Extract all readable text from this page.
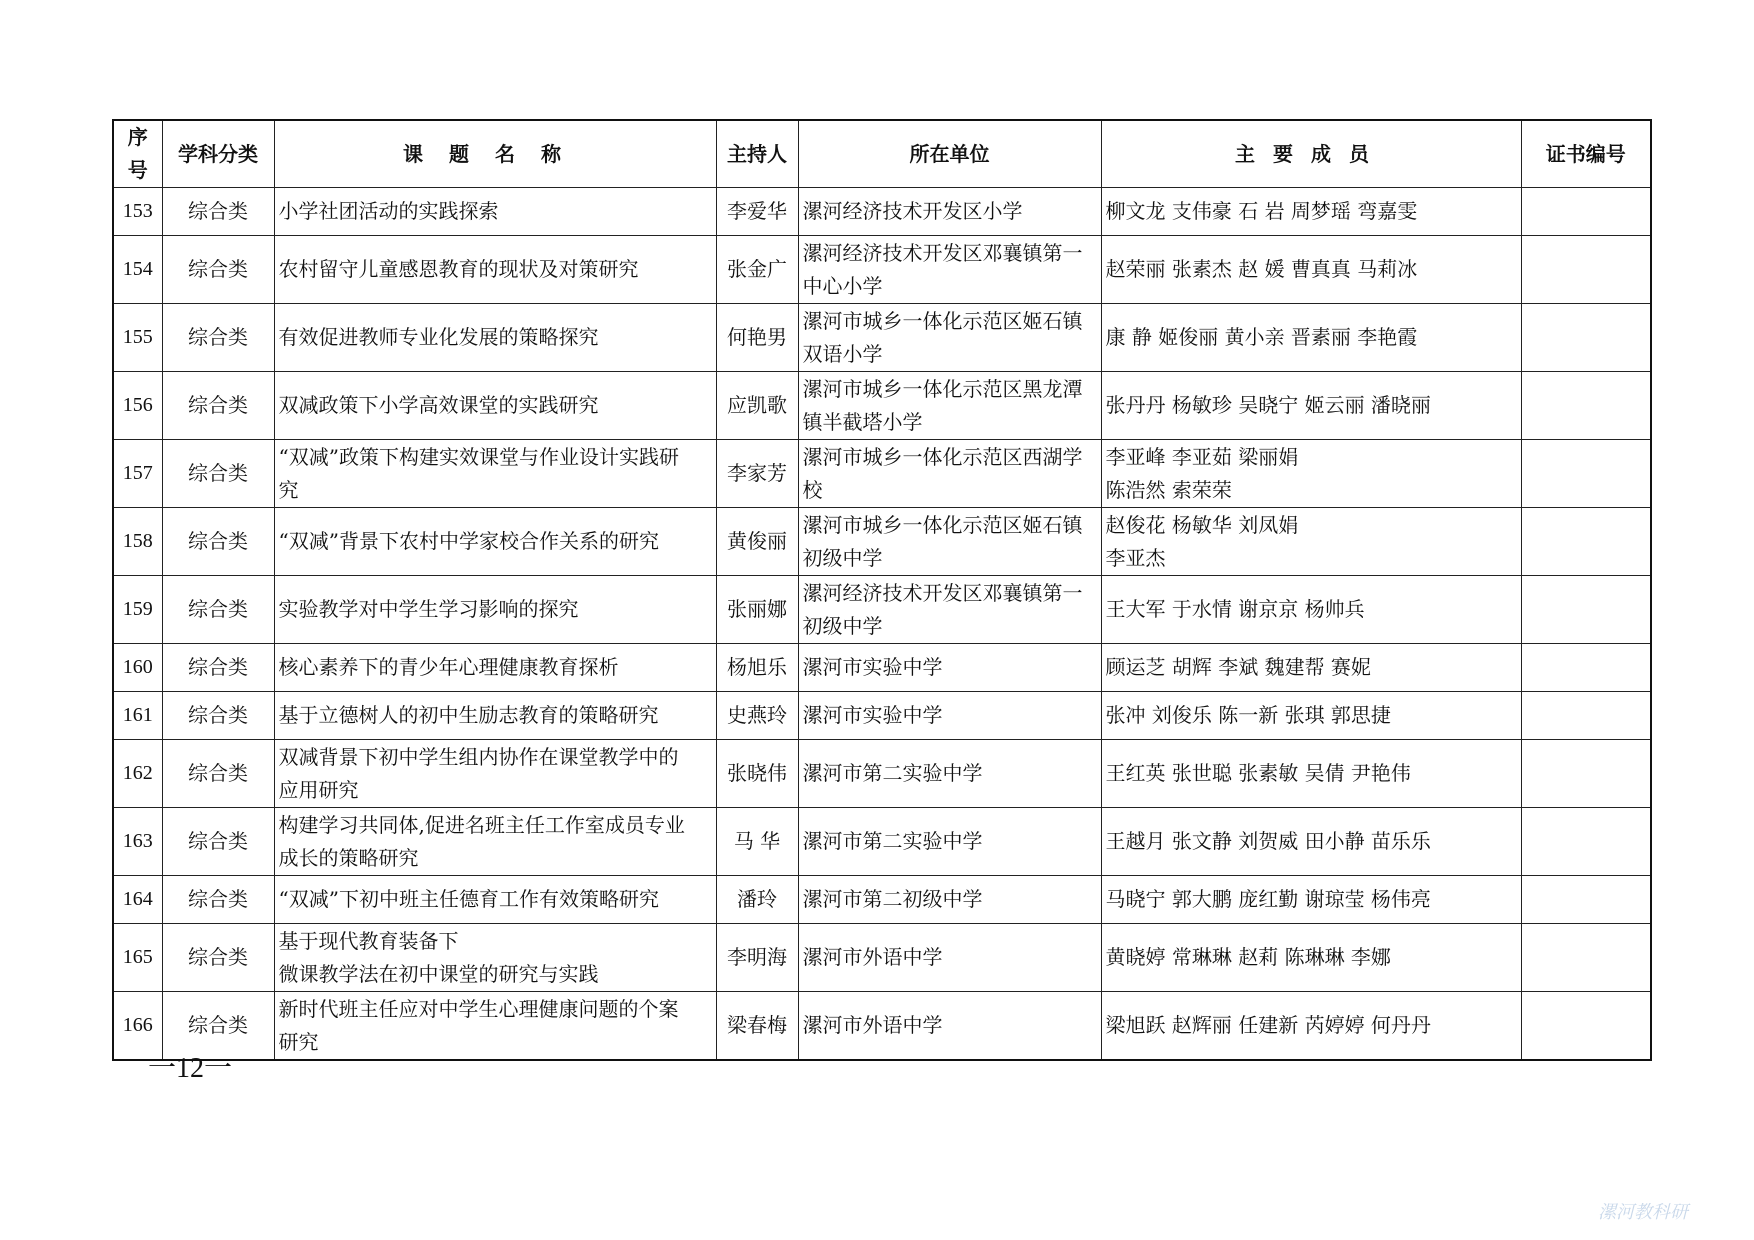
序号	学科分类	课题名称	主持人	所在单位	主要成员	证书编号
153	综合类	小学社团活动的实践探索	李爱华	漯河经济技术开发区小学	柳文龙 支伟豪 石 岩 周梦瑶 弯嘉雯	

154	综合类	农村留守儿童感恩教育的现状及对策研究	张金广	漯河经济技术开发区邓襄镇第一
中心小学	赵荣丽 张素杰 赵 媛 曹真真 马莉冰	

155	综合类	有效促进教师专业化发展的策略探究	何艳男	漯河市城乡一体化示范区姬石镇
双语小学	康 静 姬俊丽 黄小亲 晋素丽 李艳霞	

156	综合类	双减政策下小学高效课堂的实践研究	应凯歌	漯河市城乡一体化示范区黑龙潭
镇半截塔小学	张丹丹 杨敏珍 吴晓宁 姬云丽 潘晓丽	

157	综合类	“双减”政策下构建实效课堂与作业设计实践研
究	李家芳	漯河市城乡一体化示范区西湖学
校	李亚峰 李亚茹 梁丽娟
陈浩然 索荣荣	

158	综合类	“双减”背景下农村中学家校合作关系的研究	黄俊丽	漯河市城乡一体化示范区姬石镇
初级中学	赵俊花 杨敏华 刘凤娟
李亚杰	

159	综合类	实验教学对中学生学习影响的探究	张丽娜	漯河经济技术开发区邓襄镇第一
初级中学	王大军 于水情 谢京京 杨帅兵	

160	综合类	核心素养下的青少年心理健康教育探析	杨旭乐	漯河市实验中学	顾运芝 胡辉 李斌 魏建帮 赛妮	

161	综合类	基于立德树人的初中生励志教育的策略研究	史燕玲	漯河市实验中学	张冲 刘俊乐 陈一新 张琪 郭思捷	

162	综合类	双减背景下初中学生组内协作在课堂教学中的
应用研究	张晓伟	漯河市第二实验中学	王红英 张世聪 张素敏 吴倩 尹艳伟	

163	综合类	构建学习共同体,促进名班主任工作室成员专业
成长的策略研究	马 华	漯河市第二实验中学	王越月 张文静 刘贺威 田小静 苗乐乐	

164	综合类	“双减”下初中班主任德育工作有效策略研究	潘玲	漯河市第二初级中学	马晓宁 郭大鹏 庞红勤 谢琼莹 杨伟亮	

165	综合类	基于现代教育装备下
微课教学法在初中课堂的研究与实践	李明海	漯河市外语中学	黄晓婷 常琳琳 赵莉 陈琳琳 李娜	

166	综合类	新时代班主任应对中学生心理健康问题的个案
研究	梁春梅	漯河市外语中学	梁旭跃 赵辉丽 任建新 芮婷婷 何丹丹	

一12一
漯河教科研
